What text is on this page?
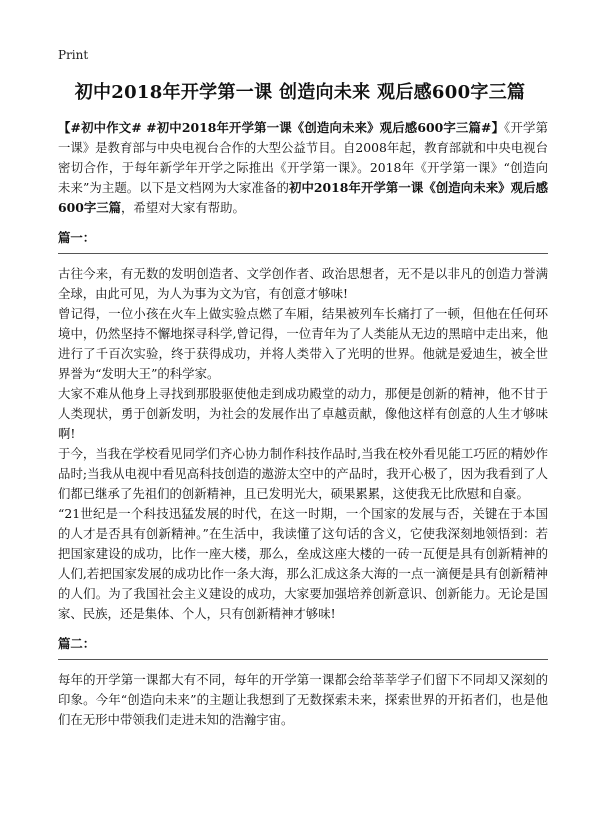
Print
初中2018年开学第一课 创造向未来 观后感600字三篇

【#初中作文# #初中2018年开学第一课《创造向未来》观后感600字三篇#】《开学第一课》是教育部与中央电视台合作的大型公益节目。自2008年起，教育部就和中央电视台密切合作，于每年新学年开学之际推出《开学第一课》。2018年《开学第一课》“创造向未来”为主题。以下是文档网为大家准备的初中2018年开学第一课《创造向未来》观后感600字三篇，希望对大家有帮助。

篇一：

古往今来，有无数的发明创造者、文学创作者、政治思想者，无不是以非凡的创造力誉满全球，由此可见，为人为事为文为官，有创意才够味!

曾记得，一位小孩在火车上做实验点燃了车厢，结果被列车长痛打了一顿，但他在任何环境中，仍然坚持不懈地探寻科学,曾记得，一位青年为了人类能从无边的黑暗中走出来，他进行了千百次实验，终于获得成功，并将人类带入了光明的世界。他就是爱迪生，被全世界誉为“发明大王”的科学家。

大家不难从他身上寻找到那股驱使他走到成功殿堂的动力，那便是创新的精神，他不甘于人类现状，勇于创新发明，为社会的发展作出了卓越贡献，像他这样有创意的人生才够味啊!

于今，当我在学校看见同学们齐心协力制作科技作品时,当我在校外看见能工巧匠的精妙作品时;当我从电视中看见高科技创造的遨游太空中的产品时，我开心极了，因为我看到了人们都已继承了先祖们的创新精神，且已发明光大，硕果累累，这使我无比欣慰和自豪。

“21世纪是一个科技迅猛发展的时代，在这一时期，一个国家的发展与否，关键在于本国的人才是否具有创新精神。”在生活中，我读懂了这句话的含义，它使我深刻地领悟到：若把国家建设的成功，比作一座大楼，那么，垒成这座大楼的一砖一瓦便是具有创新精神的人们,若把国家发展的成功比作一条大海，那么汇成这条大海的一点一滴便是具有创新精神的人们。为了我国社会主义建设的成功，大家要加强培养创新意识、创新能力。无论是国家、民族，还是集体、个人，只有创新精神才够味!

篇二：

每年的开学第一课都大有不同，每年的开学第一课都会给莘莘学子们留下不同却又深刻的印象。今年“创造向未来”的主题让我想到了无数探索未来，探索世界的开拓者们，也是他们在无形中带领我们走进未知的浩瀚宇宙。
